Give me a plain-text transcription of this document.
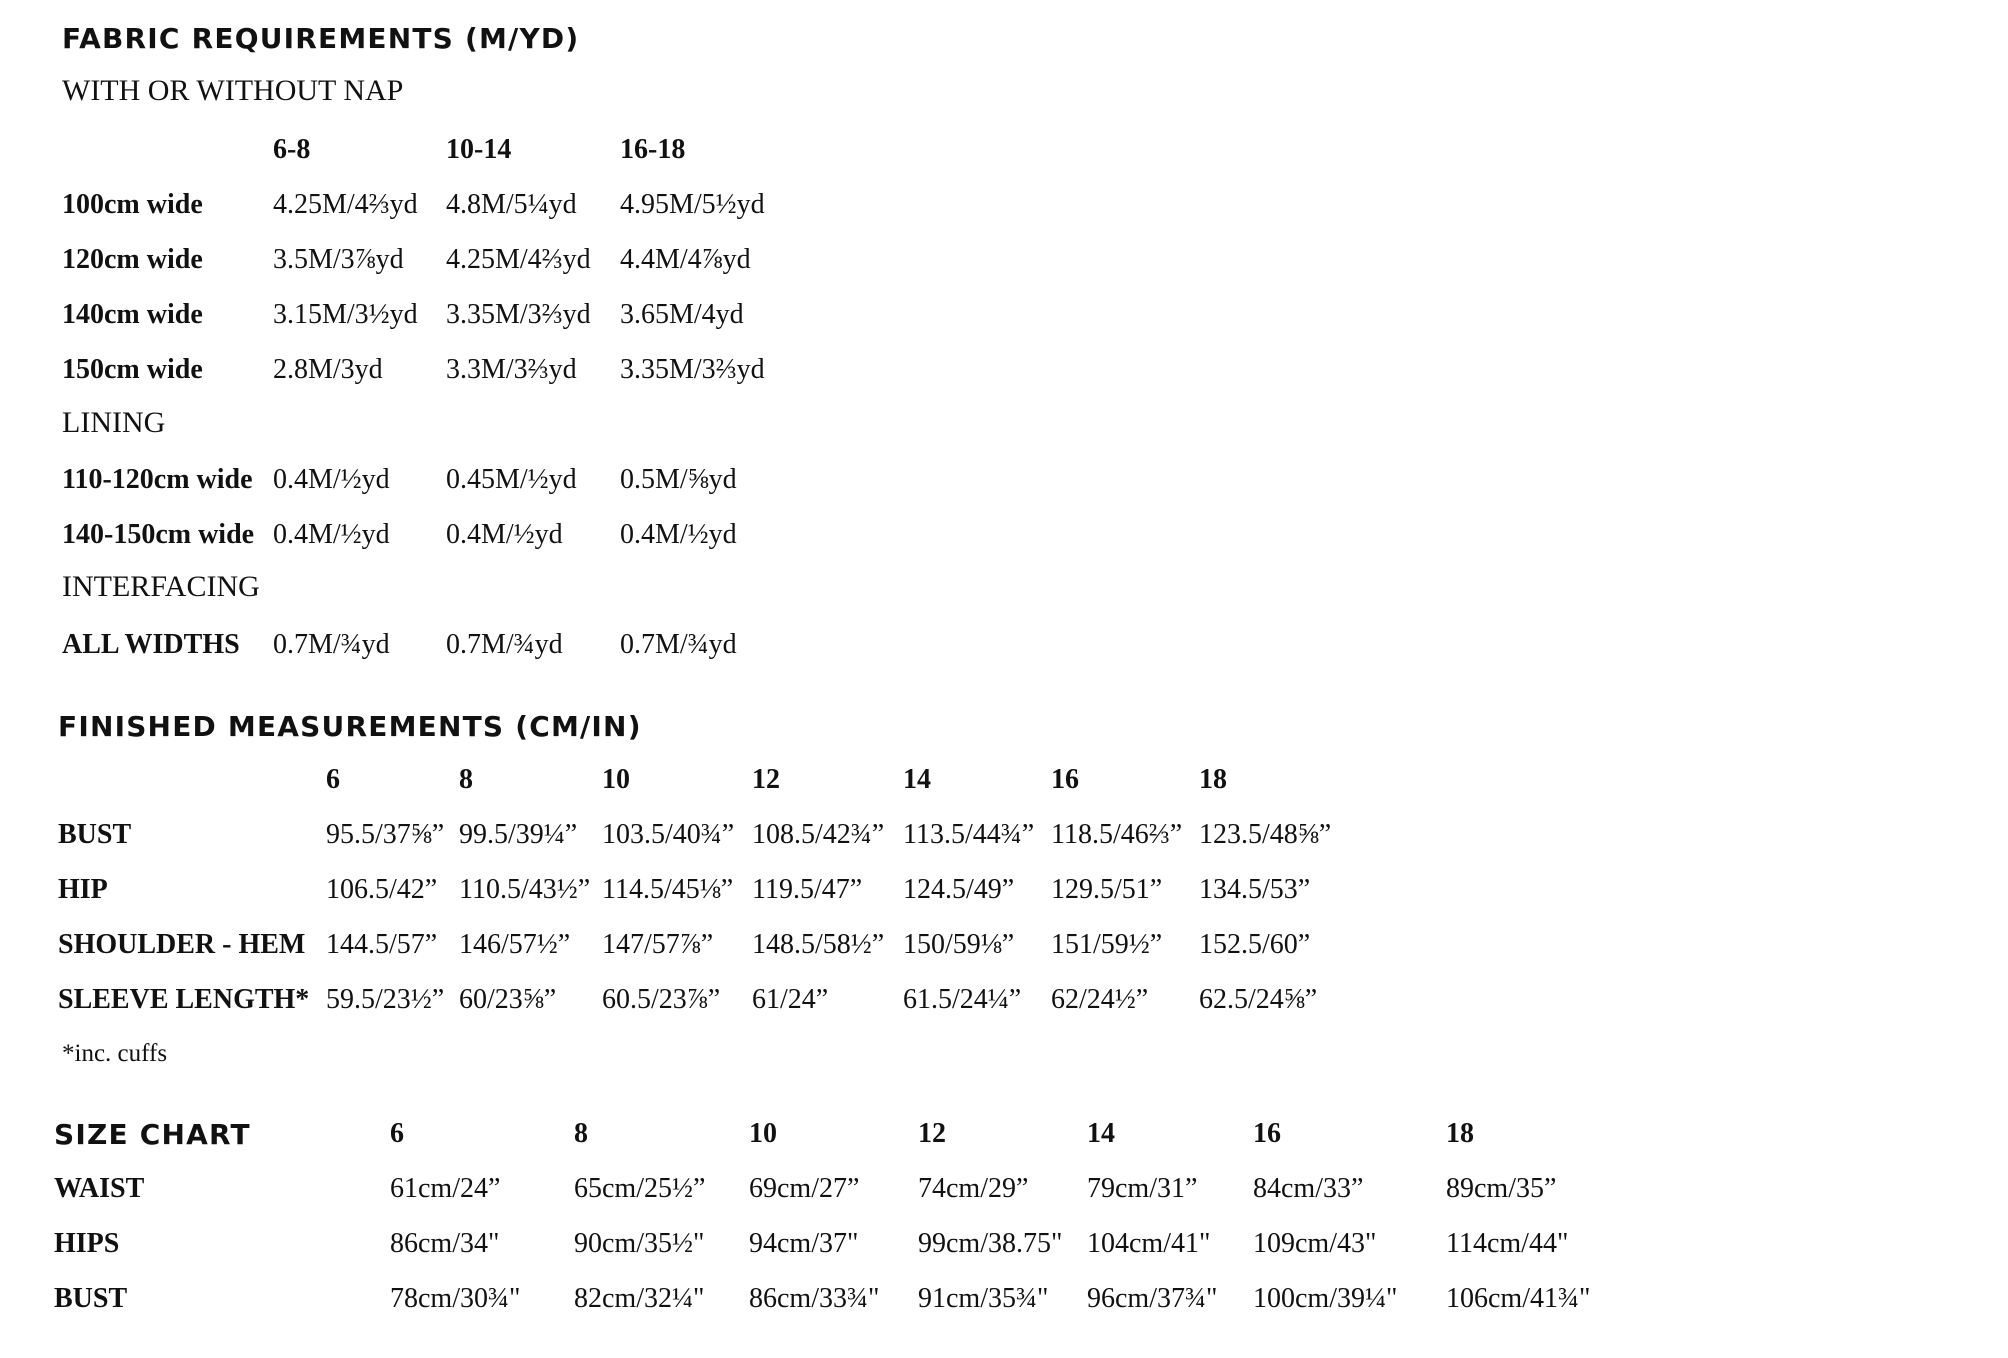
FABRIC REQUIREMENTS (M/YD)
WITH OR WITHOUT NAP
6-8	10-14	16-18
100cm wide	4.25M/4⅔yd 4.8M/5¼yd 4.95M/5½yd
120cm wide	3.5M/3⅞yd 4.25M/4⅔yd 4.4M/4⅞yd
140cm wide	3.15M/3½yd 3.35M/3⅔yd 3.65M/4yd
150cm wide	2.8M/3yd 3.3M/3⅔yd 3.35M/3⅔yd
LINING
110-120cm wide 0.4M/½yd 0.45M/½yd 0.5M/⅝yd
140-150cm wide 0.4M/½yd 0.4M/½yd 0.4M/½yd
INTERFACING
ALL WIDTHS 0.7M/¾yd 0.7M/¾yd 0.7M/¾yd
FINISHED MEASUREMENTS (CM/IN)
6	8	10	12	14	16	18
BUST	95.5/37⅝” 99.5/39¼” 103.5/40¾” 108.5/42¾” 113.5/44¾” 118.5/46⅔” 123.5/48⅝”
HIP	106.5/42” 110.5/43½” 114.5/45⅛” 119.5/47” 124.5/49” 129.5/51” 134.5/53”
SHOULDER - HEM 144.5/57” 146/57½” 147/57⅞” 148.5/58½” 150/59⅛” 151/59½” 152.5/60”
SLEEVE LENGTH* 59.5/23½” 60/23⅝” 60.5/23⅞” 61/24”	61.5/24¼” 62/24½” 62.5/24⅝”
*inc. cuffs
SIZE CHART	6	8	10	12	14	16	18
WAIST	61cm/24”	65cm/25½” 69cm/27” 74cm/29” 79cm/31” 84cm/33”	89cm/35”
HIPS	86cm/34"	90cm/35½" 94cm/37" 99cm/38.75" 104cm/41" 109cm/43" 114cm/44"
BUST	78cm/30¾" 82cm/32¼" 86cm/33¾" 91cm/35¾" 96cm/37¾" 100cm/39¼" 106cm/41¾"
